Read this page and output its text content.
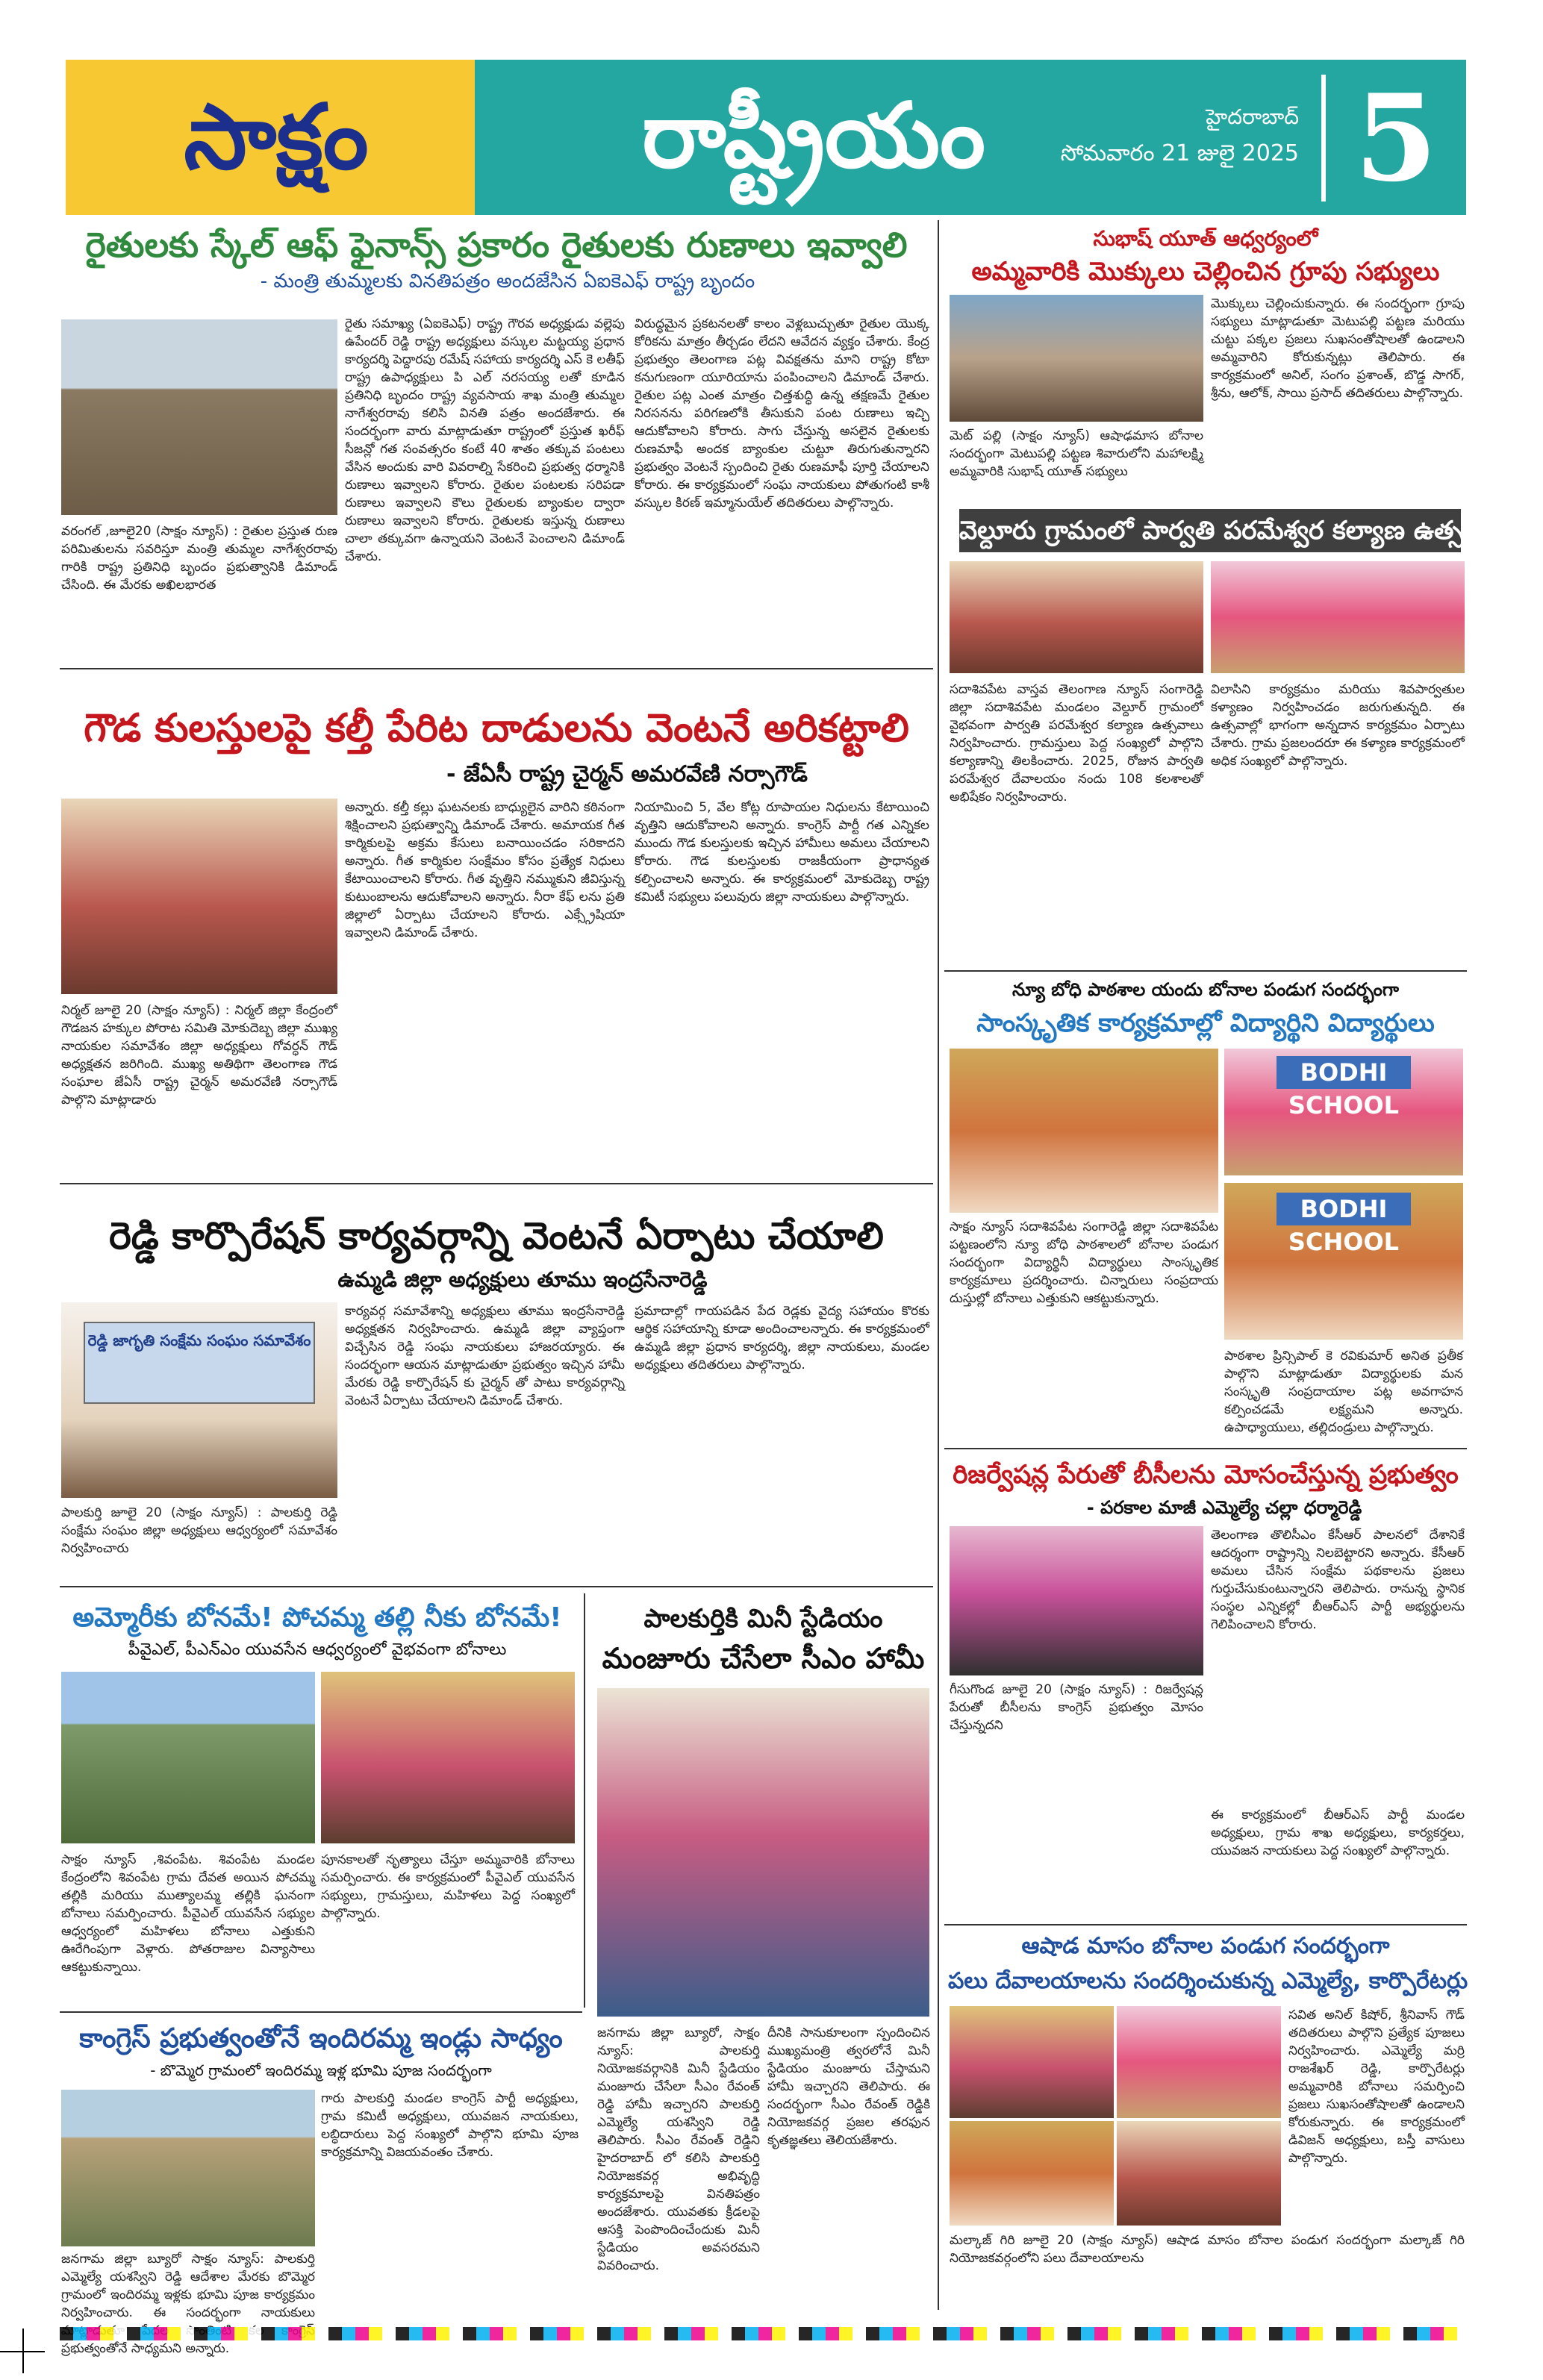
సాక్షం	రాష్ట్రీయం	హైదరాబాద్
సోమవారం 21 జులై 2025 5
రైతులకు స్కేల్ ఆఫ్ ఫైనాన్స్ ప్రకారం రైతులకు రుణాలు ఇవ్వాలి
- మంత్రి తుమ్మలకు వినతిపత్రం అందజేసిన ఏఐకెఎఫ్ రాష్ట్ర బృందం
వరంగల్ ,జూలై20 (సాక్షం న్యూస్) : రైతుల ప్రస్తుత రుణ పరిమితులను సవరిస్తూ మంత్రి తుమ్మల నాగేశ్వరరావు గారికి రాష్ట్ర ప్రతినిధి బృందం ప్రభుత్వానికి డిమాండ్ చేసింది. ఈ మేరకు అఖిలభారత
రైతు సమాఖ్య (ఏఐకెఎఫ్) రాష్ట్ర గౌరవ అధ్యక్షుడు వల్లెపు ఉపేందర్ రెడ్డి రాష్ట్ర అధ్యక్షులు వస్కుల మట్టయ్య ప్రధాన కార్యదర్శి పెద్దారపు రమేష్ సహాయ కార్యదర్శి ఎస్ కె లతీఫ్ రాష్ట్ర ఉపాధ్యక్షులు పి ఎల్ నరసయ్య లతో కూడిన ప్రతినిధి బృందం రాష్ట్ర వ్యవసాయ శాఖ మంత్రి తుమ్మల నాగేశ్వరరావు కలిసి వినతి పత్రం అందజేశారు. ఈ సందర్భంగా వారు మాట్లాడుతూ రాష్ట్రంలో ప్రస్తుత ఖరీఫ్ సీజన్లో గత సంవత్సరం కంటే 40 శాతం తక్కువ పంటలు వేసిన అందుకు వారి వివరాల్ని సేకరించి ప్రభుత్వ ధర్మానికి రుణాలు ఇవ్వాలని కోరారు. రైతుల పంటలకు సరిపడా రుణాలు ఇవ్వాలని కౌలు రైతులకు బ్యాంకుల ద్వారా రుణాలు ఇవ్వాలని కోరారు. రైతులకు ఇస్తున్న రుణాలు చాలా తక్కువగా ఉన్నాయని వెంటనే పెంచాలని డిమాండ్ చేశారు.
విరుద్ధమైన ప్రకటనలతో కాలం వెళ్లబుచ్చుతూ రైతుల యొక్క కోరికను మాత్రం తీర్చడం లేదని ఆవేదన వ్యక్తం చేశారు. కేంద్ర ప్రభుత్వం తెలంగాణ పట్ల వివక్షతను మాని రాష్ట్ర కోటా కనుగుణంగా యూరియాను పంపించాలని డిమాండ్ చేశారు. రైతుల పట్ల ఎంత మాత్రం చిత్తశుద్ధి ఉన్న తక్షణమే రైతుల నిరసనను పరిగణలోకి తీసుకుని పంట రుణాలు ఇచ్చి ఆదుకోవాలని కోరారు. సాగు చేస్తున్న అసలైన రైతులకు రుణమాఫీ అందక బ్యాంకుల చుట్టూ తిరుగుతున్నారని ప్రభుత్వం వెంటనే స్పందించి రైతు రుణమాఫీ పూర్తి చేయాలని కోరారు. ఈ కార్యక్రమంలో సంఘ నాయకులు పోతుగంటి కాశీ వస్కుల కిరణ్ ఇమ్మానుయేల్ తదితరులు పాల్గొన్నారు.
గౌడ కులస్తులపై కల్తీ పేరిట దాడులను వెంటనే అరికట్టాలి
- జేఏసీ రాష్ట్ర చైర్మన్ అమరవేణి నర్సాగౌడ్
నిర్మల్ జూలై 20 (సాక్షం న్యూస్) : నిర్మల్ జిల్లా కేంద్రంలో గౌడజన హక్కుల పోరాట సమితి మోకుదెబ్బ జిల్లా ముఖ్య నాయకుల సమావేశం జిల్లా అధ్యక్షులు గోవర్ధన్ గౌడ్ అధ్యక్షతన జరిగింది. ముఖ్య అతిథిగా తెలంగాణ గౌడ సంఘాల జేఏసీ రాష్ట్ర చైర్మన్ అమరవేణి నర్సాగౌడ్ పాల్గొని మాట్లాడారు
అన్నారు. కల్తీ కల్లు ఘటనలకు బాధ్యులైన వారిని కఠినంగా శిక్షించాలని ప్రభుత్వాన్ని డిమాండ్ చేశారు. అమాయక గీత కార్మికులపై అక్రమ కేసులు బనాయించడం సరికాదని అన్నారు. గీత కార్మికుల సంక్షేమం కోసం ప్రత్యేక నిధులు కేటాయించాలని కోరారు. గీత వృత్తిని నమ్ముకుని జీవిస్తున్న కుటుంబాలను ఆదుకోవాలని అన్నారు. నీరా కేఫ్ లను ప్రతి జిల్లాలో ఏర్పాటు చేయాలని కోరారు. ఎక్స్గ్రేషియా ఇవ్వాలని డిమాండ్ చేశారు.
నియామించి 5, వేల కోట్ల రూపాయల నిధులను కేటాయించి వృత్తిని ఆదుకోవాలని అన్నారు. కాంగ్రెస్ పార్టీ గత ఎన్నికల ముందు గౌడ కులస్తులకు ఇచ్చిన హామీలు అమలు చేయాలని కోరారు. గౌడ కులస్తులకు రాజకీయంగా ప్రాధాన్యత కల్పించాలని అన్నారు. ఈ కార్యక్రమంలో మోకుదెబ్బ రాష్ట్ర కమిటీ సభ్యులు పలువురు జిల్లా నాయకులు పాల్గొన్నారు.
రెడ్డి కార్పొరేషన్ కార్యవర్గాన్ని వెంటనే ఏర్పాటు చేయాలి
ఉమ్మడి జిల్లా అధ్యక్షులు తూము ఇంద్రసేనారెడ్డి
రెడ్డి జాగృతి సంక్షేమ సంఘం సమావేశం
పాలకుర్తి జూలై 20 (సాక్షం న్యూస్) : పాలకుర్తి రెడ్డి సంక్షేమ సంఘం జిల్లా అధ్యక్షులు ఆధ్వర్యంలో సమావేశం నిర్వహించారు
కార్యవర్గ సమావేశాన్ని అధ్యక్షులు తూము ఇంద్రసేనారెడ్డి అధ్యక్షతన నిర్వహించారు. ఉమ్మడి జిల్లా వ్యాప్తంగా విచ్చేసిన రెడ్డి సంఘ నాయకులు హాజరయ్యారు. ఈ సందర్భంగా ఆయన మాట్లాడుతూ ప్రభుత్వం ఇచ్చిన హామీ మేరకు రెడ్డి కార్పొరేషన్ కు చైర్మన్ తో పాటు కార్యవర్గాన్ని వెంటనే ఏర్పాటు చేయాలని డిమాండ్ చేశారు.
ప్రమాదాల్లో గాయపడిన పేద రెడ్లకు వైద్య సహాయం కొరకు ఆర్థిక సహాయాన్ని కూడా అందించాలన్నారు. ఈ కార్యక్రమంలో ఉమ్మడి జిల్లా ప్రధాన కార్యదర్శి, జిల్లా నాయకులు, మండల అధ్యక్షులు తదితరులు పాల్గొన్నారు.
అమ్మోరీకు బోనమే! పోచమ్మ తల్లి నీకు బోనమే!
పీవైఎల్, పీఎన్ఎం యువసేన ఆధ్వర్యంలో వైభవంగా బోనాలు
సాక్షం న్యూస్ ,శివంపేట. శివంపేట మండల కేంద్రంలోని శివంపేట గ్రామ దేవత అయిన పోచమ్మ తల్లికి మరియు ముత్యాలమ్మ తల్లికి ఘనంగా బోనాలు సమర్పించారు. పీవైఎల్ యువసేన సభ్యుల ఆధ్వర్యంలో మహిళలు బోనాలు ఎత్తుకుని ఊరేగింపుగా వెళ్లారు. పోతరాజుల విన్యాసాలు ఆకట్టుకున్నాయి.
పూనకాలతో నృత్యాలు చేస్తూ అమ్మవారికి బోనాలు సమర్పించారు. ఈ కార్యక్రమంలో పీవైఎల్ యువసేన సభ్యులు, గ్రామస్తులు, మహిళలు పెద్ద సంఖ్యలో పాల్గొన్నారు.
పాలకుర్తికి మినీ స్టేడియం
మంజూరు చేసేలా సీఎం హామీ
జనగామ జిల్లా బ్యూరో, సాక్షం న్యూస్: పాలకుర్తి నియోజకవర్గానికి మినీ స్టేడియం మంజూరు చేసేలా సీఎం రేవంత్ రెడ్డి హామీ ఇచ్చారని పాలకుర్తి ఎమ్మెల్యే యశస్విని రెడ్డి తెలిపారు. సీఎం రేవంత్ రెడ్డిని హైదరాబాద్ లో కలిసి పాలకుర్తి నియోజకవర్గ అభివృద్ధి కార్యక్రమాలపై వినతిపత్రం అందజేశారు. యువతకు క్రీడలపై ఆసక్తి పెంపొందించేందుకు మినీ స్టేడియం అవసరమని వివరించారు.
దీనికి సానుకూలంగా స్పందించిన ముఖ్యమంత్రి త్వరలోనే మినీ స్టేడియం మంజూరు చేస్తామని హామీ ఇచ్చారని తెలిపారు. ఈ సందర్భంగా సీఎం రేవంత్ రెడ్డికి నియోజకవర్గ ప్రజల తరఫున కృతజ్ఞతలు తెలియజేశారు.
కాంగ్రెస్ ప్రభుత్వంతోనే ఇందిరమ్మ ఇండ్లు సాధ్యం
- బొమ్మెర గ్రామంలో ఇందిరమ్మ ఇళ్ల భూమి పూజ సందర్భంగా
జనగామ జిల్లా బ్యూరో సాక్షం న్యూస్: పాలకుర్తి ఎమ్మెల్యే యశస్విని రెడ్డి ఆదేశాల మేరకు బొమ్మెర గ్రామంలో ఇందిరమ్మ ఇళ్లకు భూమి పూజ కార్యక్రమం నిర్వహించారు. ఈ సందర్భంగా నాయకులు ప్రభుత్వంతోనే సాధ్యమని అన్నారు.
గారు పాలకుర్తి మండల కాంగ్రెస్ పార్టీ అధ్యక్షులు, గ్రామ కమిటీ అధ్యక్షులు, యువజన నాయకులు, లబ్ధిదారులు పెద్ద సంఖ్యలో పాల్గొని భూమి పూజ కార్యక్రమాన్ని విజయవంతం చేశారు.
సుభాష్ యూత్ ఆధ్వర్యంలో
అమ్మవారికి మొక్కులు చెల్లించిన గ్రూపు సభ్యులు
మెట్ పల్లి (సాక్షం న్యూస్) ఆషాఢమాస బోనాల సందర్భంగా మెటుపల్లి పట్టణ శివారులోని మహాలక్ష్మి అమ్మవారికి సుభాష్ యూత్ సభ్యులు
మొక్కులు చెల్లించుకున్నారు. ఈ సందర్భంగా గ్రూపు సభ్యులు మాట్లాడుతూ మెటుపల్లి పట్టణ మరియు చుట్టు పక్కల ప్రజలు సుఖసంతోషాలతో ఉండాలని అమ్మవారిని కోరుకున్నట్లు తెలిపారు. ఈ కార్యక్రమంలో అనిల్, సంగం ప్రశాంత్, బొడ్డ సాగర్, శ్రీను, ఆలోక్, సాయి ప్రసాద్ తదితరులు పాల్గొన్నారు.
వెల్దూరు గ్రామంలో పార్వతి పరమేశ్వర కల్యాణ ఉత్సవాలు
సదాశివపేట వాస్తవ తెలంగాణ న్యూస్ సంగారెడ్డి జిల్లా సదాశివపేట మండలం వెల్దూర్ గ్రామంలో వైభవంగా పార్వతి పరమేశ్వర కల్యాణ ఉత్సవాలు నిర్వహించారు. గ్రామస్తులు పెద్ద సంఖ్యలో పాల్గొని కల్యాణాన్ని తిలకించారు. 2025, రోజున పార్వతి పరమేశ్వర దేవాలయం నందు 108 కలశాలతో అభిషేకం నిర్వహించారు.
విలాసిని కార్యక్రమం మరియు శివపార్వతుల కళ్యాణం నిర్వహించడం జరుగుతున్నది. ఈ ఉత్సవాల్లో భాగంగా అన్నదాన కార్యక్రమం ఏర్పాటు చేశారు. గ్రామ ప్రజలందరూ ఈ కళ్యాణ కార్యక్రమంలో అధిక సంఖ్యలో పాల్గొన్నారు.
న్యూ బోధి పాఠశాల యందు బోనాల పండుగ సందర్భంగా
సాంస్కృతిక కార్యక్రమాల్లో విద్యార్థిని విద్యార్థులు
BODHI SCHOOL
BODHI SCHOOL
సాక్షం న్యూస్ సదాశివపేట సంగారెడ్డి జిల్లా సదాశివపేట పట్టణంలోని న్యూ బోధి పాఠశాలలో బోనాల పండుగ సందర్భంగా విద్యార్థినీ విద్యార్థులు సాంస్కృతిక కార్యక్రమాలు ప్రదర్శించారు. చిన్నారులు సంప్రదాయ దుస్తుల్లో బోనాలు ఎత్తుకుని ఆకట్టుకున్నారు.
పాఠశాల ప్రిన్సిపాల్ కె రవికుమార్ అనిత ప్రతీక పాల్గొని మాట్లాడుతూ విద్యార్థులకు మన సంస్కృతి సంప్రదాయాల పట్ల అవగాహన కల్పించడమే లక్ష్యమని అన్నారు. ఉపాధ్యాయులు, తల్లిదండ్రులు పాల్గొన్నారు.
రిజర్వేషన్ల పేరుతో బీసీలను మోసంచేస్తున్న ప్రభుత్వం
- పరకాల మాజీ ఎమ్మెల్యే చల్లా ధర్మారెడ్డి
గీసుగొండ జూలై 20 (సాక్షం న్యూస్) : రిజర్వేషన్ల పేరుతో బీసీలను కాంగ్రెస్ ప్రభుత్వం మోసం చేస్తున్నదని
తెలంగాణ తొలిసీఎం కేసీఆర్ పాలనలో దేశానికే ఆదర్శంగా రాష్ట్రాన్ని నిలబెట్టారని అన్నారు. కేసీఆర్ అమలు చేసిన సంక్షేమ పథకాలను ప్రజలు గుర్తుచేసుకుంటున్నారని తెలిపారు. రానున్న స్థానిక సంస్థల ఎన్నికల్లో బీఆర్ఎస్ పార్టీ అభ్యర్థులను గెలిపించాలని కోరారు.
ఈ కార్యక్రమంలో బీఆర్ఎస్ పార్టీ మండల అధ్యక్షులు, గ్రామ శాఖ అధ్యక్షులు, కార్యకర్తలు, యువజన నాయకులు పెద్ద సంఖ్యలో పాల్గొన్నారు.
ఆషాడ మాసం బోనాల పండుగ సందర్భంగా
పలు దేవాలయాలను సందర్శించుకున్న ఎమ్మెల్యే, కార్పొరేటర్లు
మల్కాజ్ గిరి జూలై 20 (సాక్షం న్యూస్) ఆషాడ మాసం బోనాల పండుగ సందర్భంగా మల్కాజ్ గిరి నియోజకవర్గంలోని పలు దేవాలయాలను
సవిత అనిల్ కిషోర్, శ్రీనివాస్ గౌడ్ తదితరులు పాల్గొని ప్రత్యేక పూజలు నిర్వహించారు. ఎమ్మెల్యే మర్రి రాజశేఖర్ రెడ్డి, కార్పొరేటర్లు అమ్మవారికి బోనాలు సమర్పించి ప్రజలు సుఖసంతోషాలతో ఉండాలని కోరుకున్నారు. ఈ కార్యక్రమంలో డివిజన్ అధ్యక్షులు, బస్తీ వాసులు పాల్గొన్నారు.
